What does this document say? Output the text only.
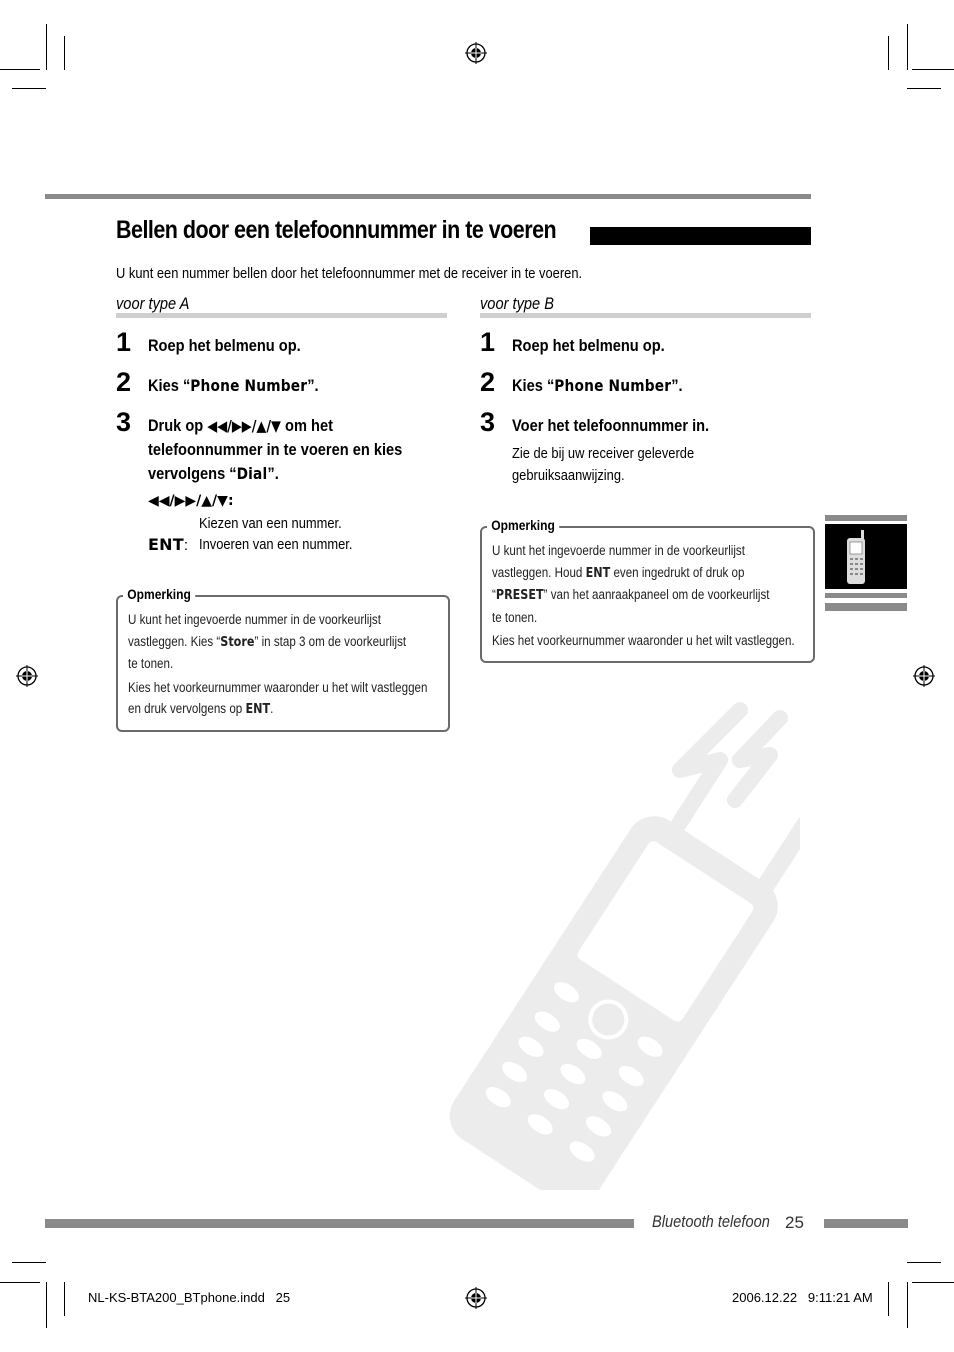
Bellen door een telefoonnummer in te voeren
U kunt een nummer bellen door het telefoonnummer met de receiver in te voeren.
voor type A
1 Roep het belmenu op.
2 Kies “Phone Number”.
3 Druk op ◀◀/▶▶/▲/▼ om het
telefoonnummer in te voeren en kies
vervolgens “Dial”.
◀◀/▶▶/▲/▼:
Kiezen van een nummer.
ENT: Invoeren van een nummer.
Opmerking
U kunt het ingevoerde nummer in de voorkeurlijst
vastleggen. Kies “Store” in stap 3 om de voorkeurlijst
te tonen.
Kies het voorkeurnummer waaronder u het wilt vastleggen
en druk vervolgens op ENT.
voor type B
1 Roep het belmenu op.
2 Kies “Phone Number”.
3 Voer het telefoonnummer in.
Zie de bij uw receiver geleverde
gebruiksaanwijzing.
Opmerking
U kunt het ingevoerde nummer in de voorkeurlijst
vastleggen. Houd ENT even ingedrukt of druk op
“PRESET” van het aanraakpaneel om de voorkeurlijst
te tonen.
Kies het voorkeurnummer waaronder u het wilt vastleggen.
Bluetooth telefoon 25
NL-KS-BTA200_BTphone.indd   25	2006.12.22   9:11:21 AM
